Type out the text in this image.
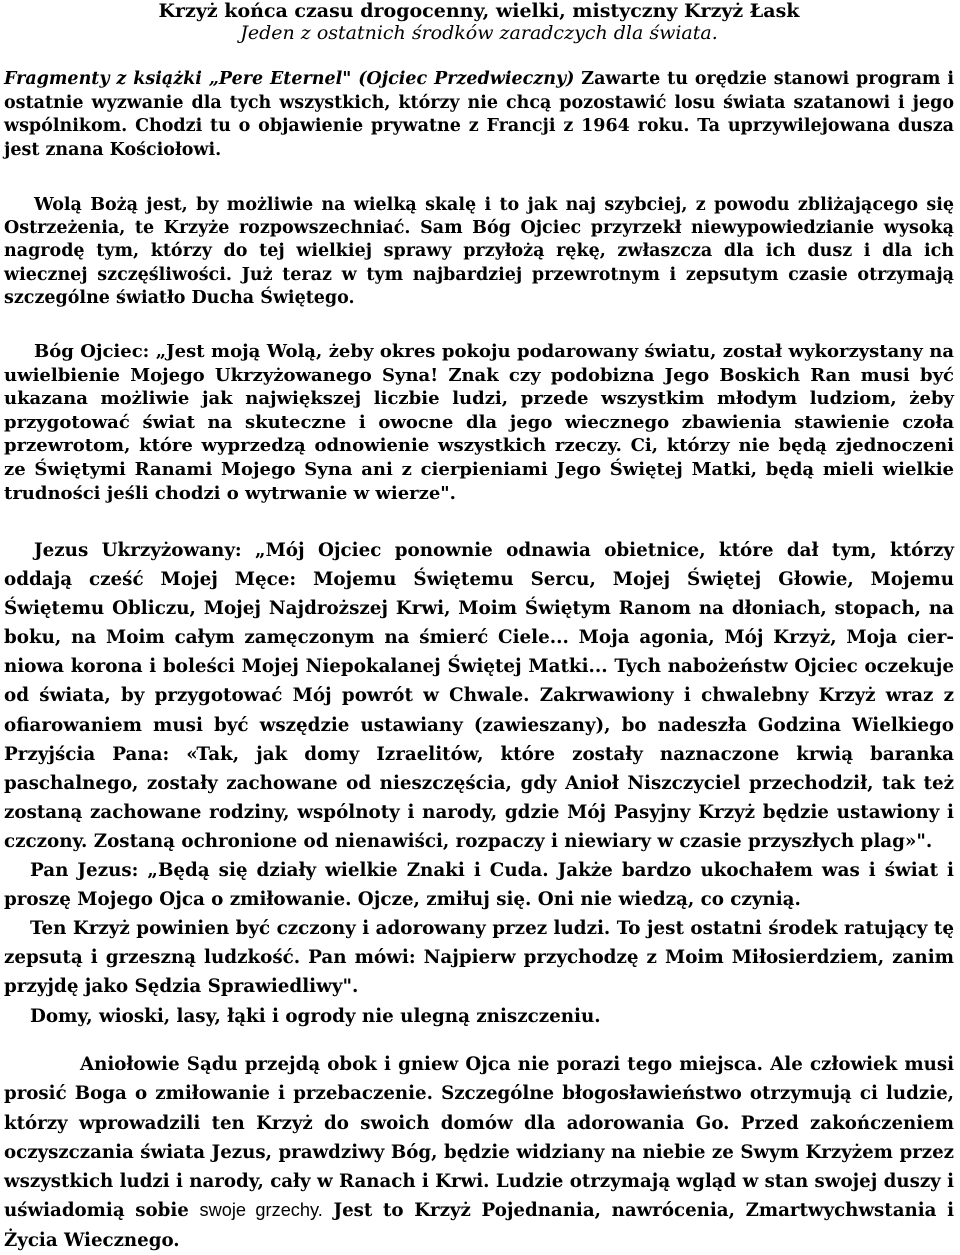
Krzyż końca czasu drogocenny, wielki, mistyczny Krzyż Łask

Jeden z ostatnich środków zaradczych dla świata.

Fragmenty z książki „Pere Eternel" (Ojciec Przedwieczny) Zawarte tu orędzie stanowi program i ostatnie wyzwanie dla tych wszystkich, którzy nie chcą pozostawić losu świata szatanowi i jego wspólnikom. Chodzi tu o objawienie prywatne z Francji z 1964 roku. Ta uprzywilejowana dusza jest znana Kościołowi.

Wolą Bożą jest, by możliwie na wielką skalę i to jak naj szybciej, z powodu zbliżającego się Ostrzeżenia, te Krzyże rozpowszechniać. Sam Bóg Ojciec przyrzekł niewypowiedzianie wysoką nagrodę tym, którzy do tej wielkiej sprawy przyłożą rękę, zwłaszcza dla ich dusz i dla ich wiecznej szczęśliwości. Już teraz w tym najbardziej przewrotnym i zepsutym czasie otrzymają szczególne światło Ducha Świętego.

Bóg Ojciec: „Jest moją Wolą, żeby okres pokoju podarowany światu, został wykorzystany na uwielbienie Mojego Ukrzyżowanego Syna! Znak czy podobizna Jego Boskich Ran musi być ukazana możliwie jak największej liczbie ludzi, przede wszystkim młodym ludziom, żeby przygotować świat na skuteczne i owocne dla jego wiecznego zbawienia stawienie czoła przewrotom, które wyprzedzą odnowienie wszystkich rzeczy. Ci, którzy nie będą zjednoczeni ze Świętymi Ranami Mojego Syna ani z cierpieniami Jego Świętej Matki, będą mieli wielkie trudności jeśli chodzi o wytrwanie w wierze".

Jezus Ukrzyżowany: „Mój Ojciec ponownie odnawia obietnice, które dał tym, którzy oddają cześć Mojej Męce: Mojemu Świętemu Sercu, Mojej Świętej Głowie, Mojemu Świętemu Obliczu, Mojej Najdroższej Krwi, Moim Świętym Ranom na dłoniach, stopach, na boku, na Moim całym zamęczonym na śmierć Ciele... Moja agonia, Mój Krzyż, Moja cierniowa korona i boleści Mojej Niepokalanej Świętej Matki... Tych nabożeństw Ojciec oczekuje od świata, by przygotować Mój powrót w Chwale. Zakrwawiony i chwalebny Krzyż wraz z ofiarowaniem musi być wszędzie ustawiany (zawieszany), bo nadeszła Godzina Wielkiego Przyjścia Pana: «Tak, jak domy Izraelitów, które zostały naznaczone krwią baranka paschalnego, zostały zachowane od nieszczęścia, gdy Anioł Niszczyciel przechodził, tak też zostaną zachowane rodziny, wspólnoty i narody, gdzie Mój Pasyjny Krzyż będzie ustawiony i czczony. Zostaną ochronione od nienawiści, rozpaczy i niewiary w czasie przyszłych plag»".
Pan Jezus: „Będą się działy wielkie Znaki i Cuda. Jakże bardzo ukochałem was i świat i proszę Mojego Ojca o zmiłowanie. Ojcze, zmiłuj się. Oni nie wiedzą, co czynią.
Ten Krzyż powinien być czczony i adorowany przez ludzi. To jest ostatni środek ratujący tę zepsutą i grzeszną ludzkość. Pan mówi: Najpierw przychodzę z Moim Miłosierdziem, zanim przyjdę jako Sędzia Sprawiedliwy".
Domy, wioski, lasy, łąki i ogrody nie ulegną zniszczeniu.

Aniołowie Sądu przejdą obok i gniew Ojca nie porazi tego miejsca. Ale człowiek musi prosić Boga o zmiłowanie i przebaczenie. Szczególne błogosławieństwo otrzymują ci ludzie, którzy wprowadzili ten Krzyż do swoich domów dla adorowania Go. Przed zakończeniem oczyszczania świata Jezus, prawdziwy Bóg, będzie widziany na niebie ze Swym Krzyżem przez wszystkich ludzi i narody, cały w Ranach i Krwi. Ludzie otrzymają wgląd w stan swojej duszy i uświadomią sobie swoje grzechy. Jest to Krzyż Pojednania, nawrócenia, Zmartwychwstania i Życia Wiecznego.
